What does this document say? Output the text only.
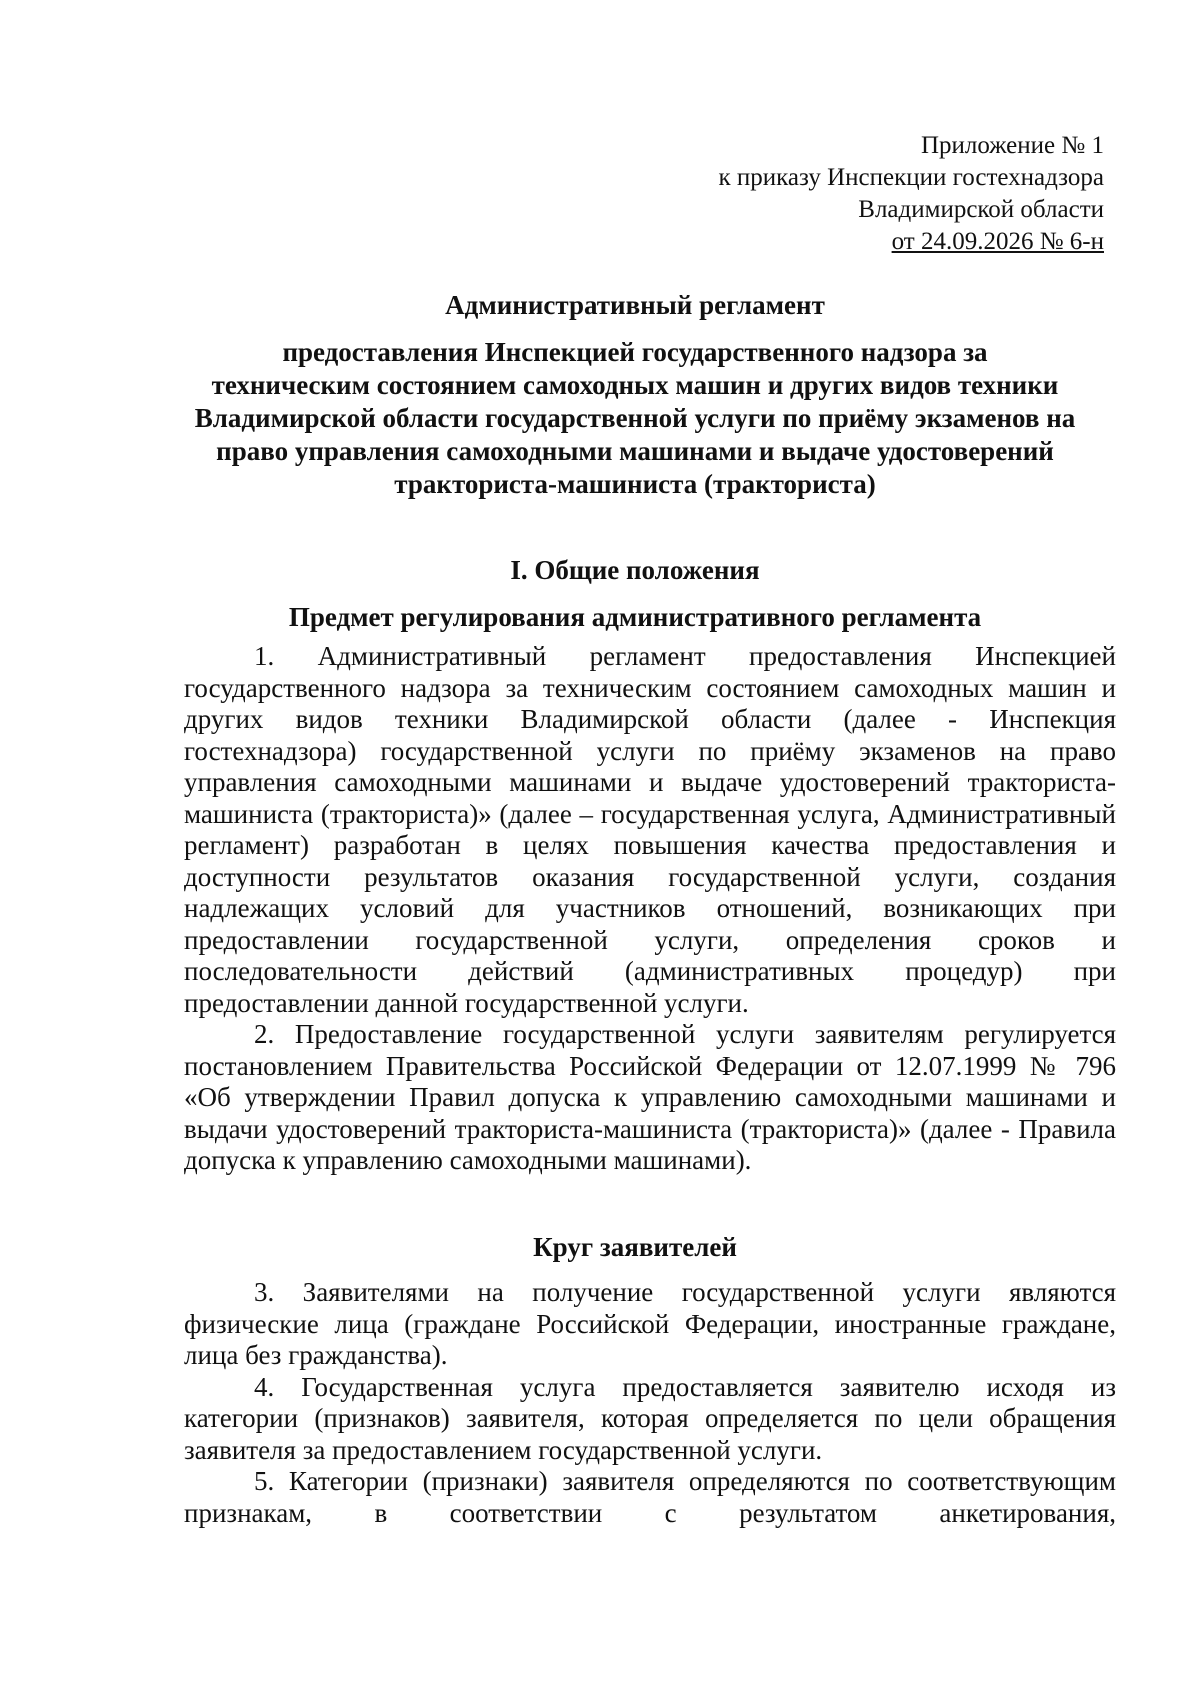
Приложение № 1
к приказу Инспекции гостехнадзора
Владимирской области
от 24.09.2026 № 6-н
Административный регламент
предоставления Инспекцией государственного надзора за
техническим состоянием самоходных машин и других видов техники
Владимирской области государственной услуги по приёму экзаменов на
право управления самоходными машинами и выдаче удостоверений
тракториста-машиниста (тракториста)
I. Общие положения
Предмет регулирования административного регламента
1. Административный регламент предоставления Инспекцией
государственного надзора за техническим состоянием самоходных машин и
других видов техники Владимирской области (далее - Инспекция
гостехнадзора) государственной услуги по приёму экзаменов на право
управления самоходными машинами и выдаче удостоверений тракториста-
машиниста (тракториста)» (далее – государственная услуга, Административный
регламент) разработан в целях повышения качества предоставления и
доступности результатов оказания государственной услуги, создания
надлежащих условий для участников отношений, возникающих при
предоставлении государственной услуги, определения сроков и
последовательности действий (административных процедур) при
предоставлении данной государственной услуги.
2. Предоставление государственной услуги заявителям регулируется
постановлением Правительства Российской Федерации от 12.07.1999 № 796
«Об утверждении Правил допуска к управлению самоходными машинами и
выдачи удостоверений тракториста-машиниста (тракториста)» (далее - Правила
допуска к управлению самоходными машинами).
Круг заявителей
3. Заявителями на получение государственной услуги являются
физические лица (граждане Российской Федерации, иностранные граждане,
лица без гражданства).
4. Государственная услуга предоставляется заявителю исходя из
категории (признаков) заявителя, которая определяется по цели обращения
заявителя за предоставлением государственной услуги.
5. Категории (признаки) заявителя определяются по соответствующим
признакам, в соответствии с результатом анкетирования,
